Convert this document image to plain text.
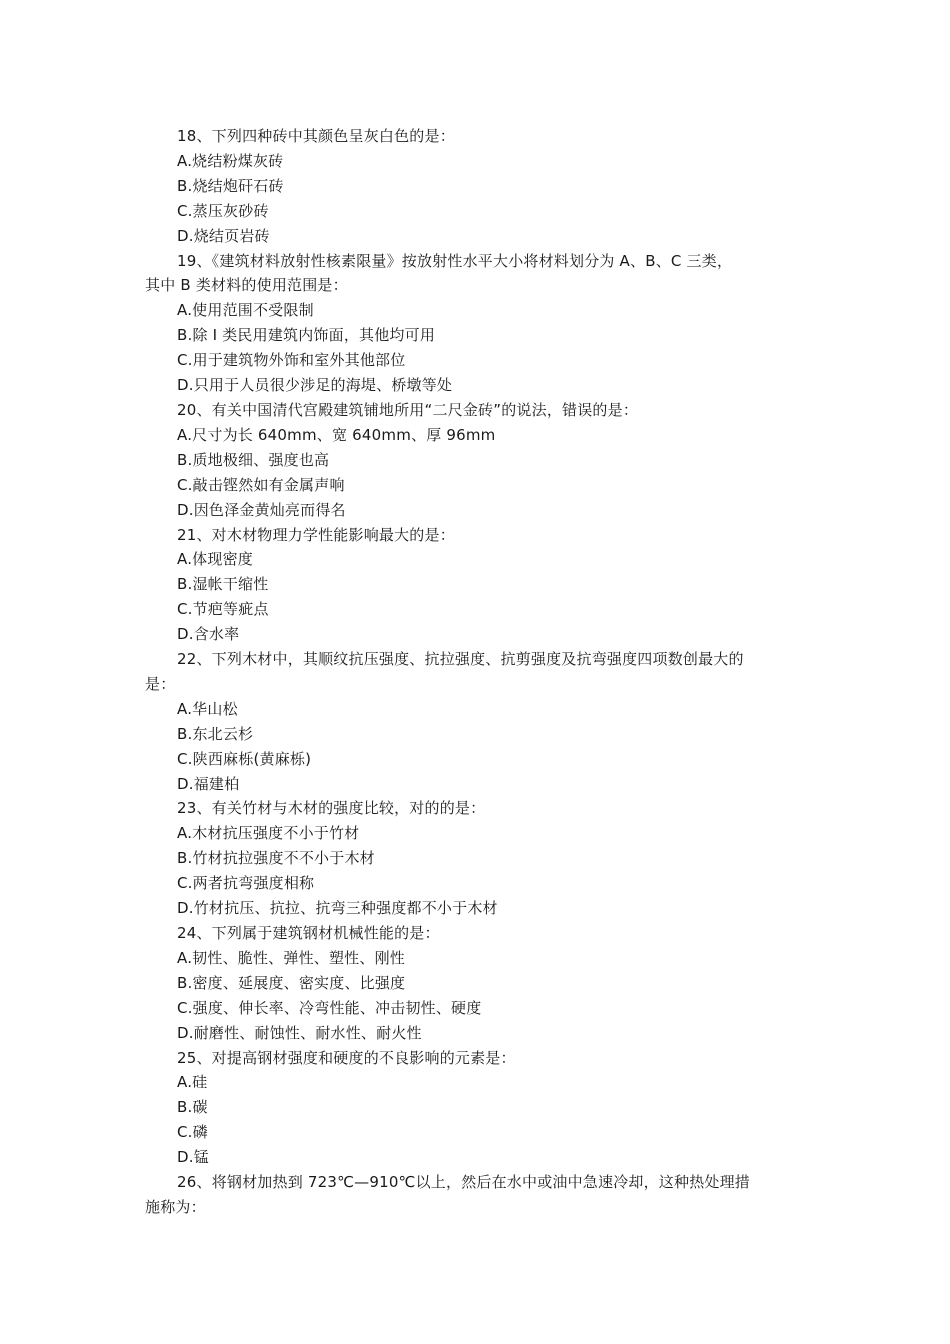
18、下列四种砖中其颜色呈灰白色的是：
A.烧结粉煤灰砖
B.烧结炮矸石砖
C.蒸压灰砂砖
D.烧结页岩砖
19、《建筑材料放射性核素限量》按放射性水平大小将材料划分为 A、B、C 三类，
其中 B 类材料的使用范围是：
A.使用范围不受限制
B.除 I 类民用建筑内饰面，其他均可用
C.用于建筑物外饰和室外其他部位
D.只用于人员很少涉足的海堤、桥墩等处
20、有关中国清代宫殿建筑铺地所用“二尺金砖”的说法，错误的是：
A.尺寸为长 640mm、宽 640mm、厚 96mm
B.质地极细、强度也高
C.敲击铿然如有金属声响
D.因色泽金黄灿亮而得名
21、对木材物理力学性能影响最大的是：
A.体现密度
B.湿帐干缩性
C.节疤等疵点
D.含水率
22、下列木材中，其顺纹抗压强度、抗拉强度、抗剪强度及抗弯强度四项数创最大的
是：
A.华山松
B.东北云杉
C.陕西麻栎(黄麻栎)
D.福建柏
23、有关竹材与木材的强度比较，对的的是：
A.木材抗压强度不小于竹材
B.竹材抗拉强度不不小于木材
C.两者抗弯强度相称
D.竹材抗压、抗拉、抗弯三种强度都不小于木材
24、下列属于建筑钢材机械性能的是：
A.韧性、脆性、弹性、塑性、刚性
B.密度、延展度、密实度、比强度
C.强度、伸长率、冷弯性能、冲击韧性、硬度
D.耐磨性、耐蚀性、耐水性、耐火性
25、对提高钢材强度和硬度的不良影响的元素是：
A.硅
B.碳
C.磷
D.锰
26、将钢材加热到 723℃—910℃以上，然后在水中或油中急速冷却，这种热处理措
施称为：
